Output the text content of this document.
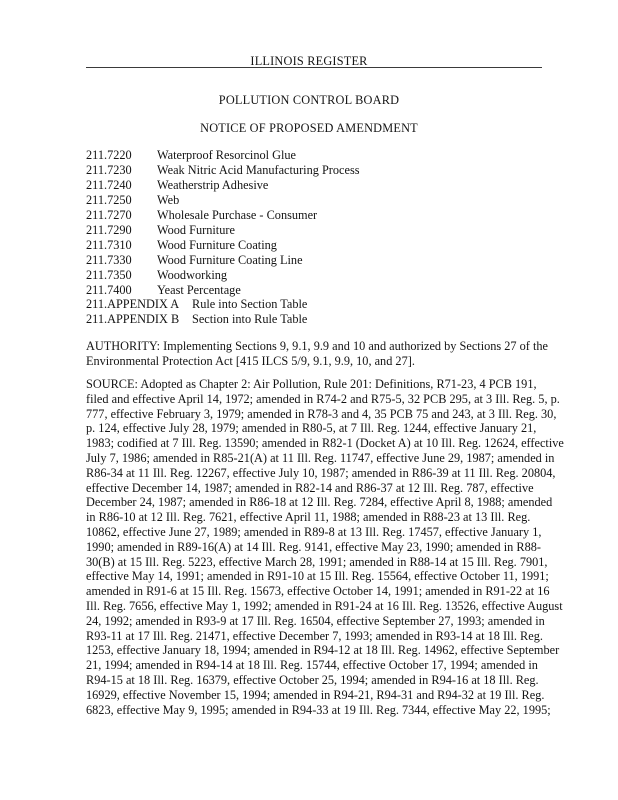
ILLINOIS REGISTER
POLLUTION CONTROL BOARD
NOTICE OF PROPOSED AMENDMENT
211.7220 Waterproof Resorcinol Glue
211.7230 Weak Nitric Acid Manufacturing Process
211.7240 Weatherstrip Adhesive
211.7250 Web
211.7270 Wholesale Purchase - Consumer
211.7290 Wood Furniture
211.7310 Wood Furniture Coating
211.7330 Wood Furniture Coating Line
211.7350 Woodworking
211.7400 Yeast Percentage
211.APPENDIX A Rule into Section Table
211.APPENDIX B Section into Rule Table
AUTHORITY: Implementing Sections 9, 9.1, 9.9 and 10 and authorized by Sections 27 of the
Environmental Protection Act [415 ILCS 5/9, 9.1, 9.9, 10, and 27].
SOURCE: Adopted as Chapter 2: Air Pollution, Rule 201: Definitions, R71-23, 4 PCB 191,
filed and effective April 14, 1972; amended in R74-2 and R75-5, 32 PCB 295, at 3 Ill. Reg. 5, p.
777, effective February 3, 1979; amended in R78-3 and 4, 35 PCB 75 and 243, at 3 Ill. Reg. 30,
p. 124, effective July 28, 1979; amended in R80-5, at 7 Ill. Reg. 1244, effective January 21,
1983; codified at 7 Ill. Reg. 13590; amended in R82-1 (Docket A) at 10 Ill. Reg. 12624, effective
July 7, 1986; amended in R85-21(A) at 11 Ill. Reg. 11747, effective June 29, 1987; amended in
R86-34 at 11 Ill. Reg. 12267, effective July 10, 1987; amended in R86-39 at 11 Ill. Reg. 20804,
effective December 14, 1987; amended in R82-14 and R86-37 at 12 Ill. Reg. 787, effective
December 24, 1987; amended in R86-18 at 12 Ill. Reg. 7284, effective April 8, 1988; amended
in R86-10 at 12 Ill. Reg. 7621, effective April 11, 1988; amended in R88-23 at 13 Ill. Reg.
10862, effective June 27, 1989; amended in R89-8 at 13 Ill. Reg. 17457, effective January 1,
1990; amended in R89-16(A) at 14 Ill. Reg. 9141, effective May 23, 1990; amended in R88-
30(B) at 15 Ill. Reg. 5223, effective March 28, 1991; amended in R88-14 at 15 Ill. Reg. 7901,
effective May 14, 1991; amended in R91-10 at 15 Ill. Reg. 15564, effective October 11, 1991;
amended in R91-6 at 15 Ill. Reg. 15673, effective October 14, 1991; amended in R91-22 at 16
Ill. Reg. 7656, effective May 1, 1992; amended in R91-24 at 16 Ill. Reg. 13526, effective August
24, 1992; amended in R93-9 at 17 Ill. Reg. 16504, effective September 27, 1993; amended in
R93-11 at 17 Ill. Reg. 21471, effective December 7, 1993; amended in R93-14 at 18 Ill. Reg.
1253, effective January 18, 1994; amended in R94-12 at 18 Ill. Reg. 14962, effective September
21, 1994; amended in R94-14 at 18 Ill. Reg. 15744, effective October 17, 1994; amended in
R94-15 at 18 Ill. Reg. 16379, effective October 25, 1994; amended in R94-16 at 18 Ill. Reg.
16929, effective November 15, 1994; amended in R94-21, R94-31 and R94-32 at 19 Ill. Reg.
6823, effective May 9, 1995; amended in R94-33 at 19 Ill. Reg. 7344, effective May 22, 1995;
